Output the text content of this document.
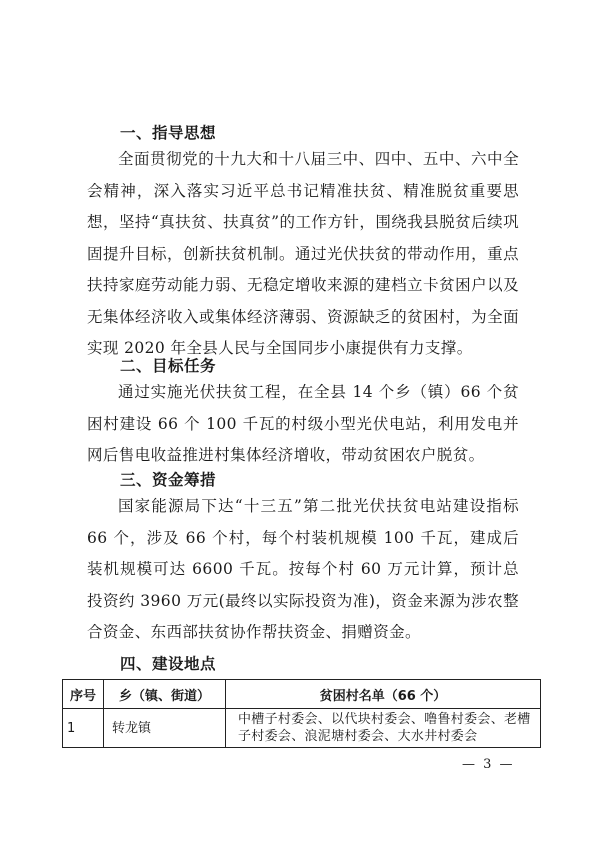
一、指导思想

全面贯彻党的十九大和十八届三中、四中、五中、六中全会精神，深入落实习近平总书记精准扶贫、精准脱贫重要思想，坚持“真扶贫、扶真贫”的工作方针，围绕我县脱贫后续巩固提升目标，创新扶贫机制。通过光伏扶贫的带动作用，重点扶持家庭劳动能力弱、无稳定增收来源的建档立卡贫困户以及无集体经济收入或集体经济薄弱、资源缺乏的贫困村，为全面实现 2020 年全县人民与全国同步小康提供有力支撑。

二、目标任务

通过实施光伏扶贫工程，在全县 14 个乡（镇）66 个贫困村建设 66 个 100 千瓦的村级小型光伏电站，利用发电并网后售电收益推进村集体经济增收，带动贫困农户脱贫。

三、资金筹措

国家能源局下达“十三五”第二批光伏扶贫电站建设指标 66 个，涉及 66 个村，每个村装机规模 100 千瓦，建成后装机规模可达 6600 千瓦。按每个村 60 万元计算，预计总投资约 3960 万元(最终以实际投资为准)，资金来源为涉农整合资金、东西部扶贫协作帮扶资金、捐赠资金。

四、建设地点
序号	乡（镇、街道）	贫困村名单（66 个）
1	转龙镇	中槽子村委会、以代块村委会、噜鲁村委会、老槽子村委会、浪泥塘村委会、大水井村委会
— 3 —
